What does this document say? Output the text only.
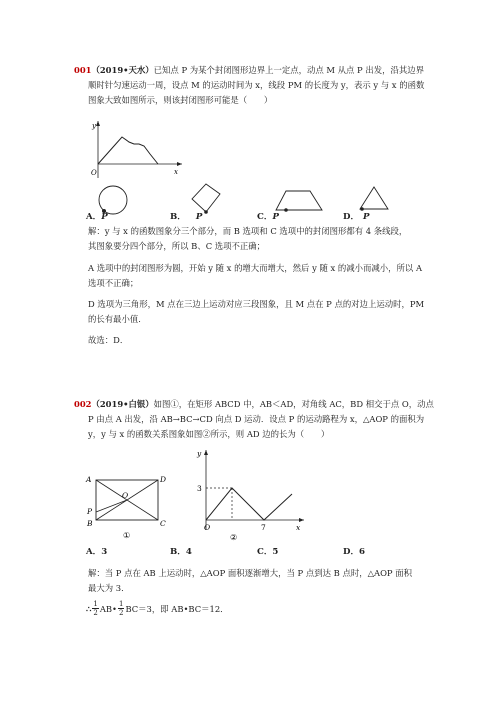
001（2019•天水）已知点 P 为某个封闭图形边界上一定点，动点 M 从点 P 出发，沿其边界
顺时针匀速运动一周，设点 M 的运动时间为 x，线段 PM 的长度为 y，表示 y 与 x 的函数
图象大致如图所示，则该封闭图形可能是（　　）
y
x
O
A．P	B． P	C．P	D． P
解：y 与 x 的函数图象分三个部分，而 B 选项和 C 选项中的封闭图形都有 4 条线段，
其图象要分四个部分，所以 B、C 选项不正确；
A 选项中的封闭图形为圆，开始 y 随 x 的增大而增大，然后 y 随 x 的减小而减小，所以 A
选项不正确；
D 选项为三角形，M 点在三边上运动对应三段图象，且 M 点在 P 点的对边上运动时，PM
的长有最小值．
故选：D．
002（2019•白银）如图①，在矩形 ABCD 中，AB＜AD，对角线 AC，BD 相交于点 O，动点
P 由点 A 出发，沿 AB→BC→CD 向点 D 运动．设点 P 的运动路程为 x，△AOP 的面积为
y，y 与 x 的函数关系图象如图②所示，则 AD 边的长为（　　）
A	D
O
P
B	C
①
y
3
O	7	x
②
A．3	B．4	C．5	D．6
解：当 P 点在 AB 上运动时，△AOP 面积逐渐增大，当 P 点到达 B 点时，△AOP 面积
最大为 3．
∴ 1
2 AB• 1
2 BC＝3，即 AB•BC＝12．
